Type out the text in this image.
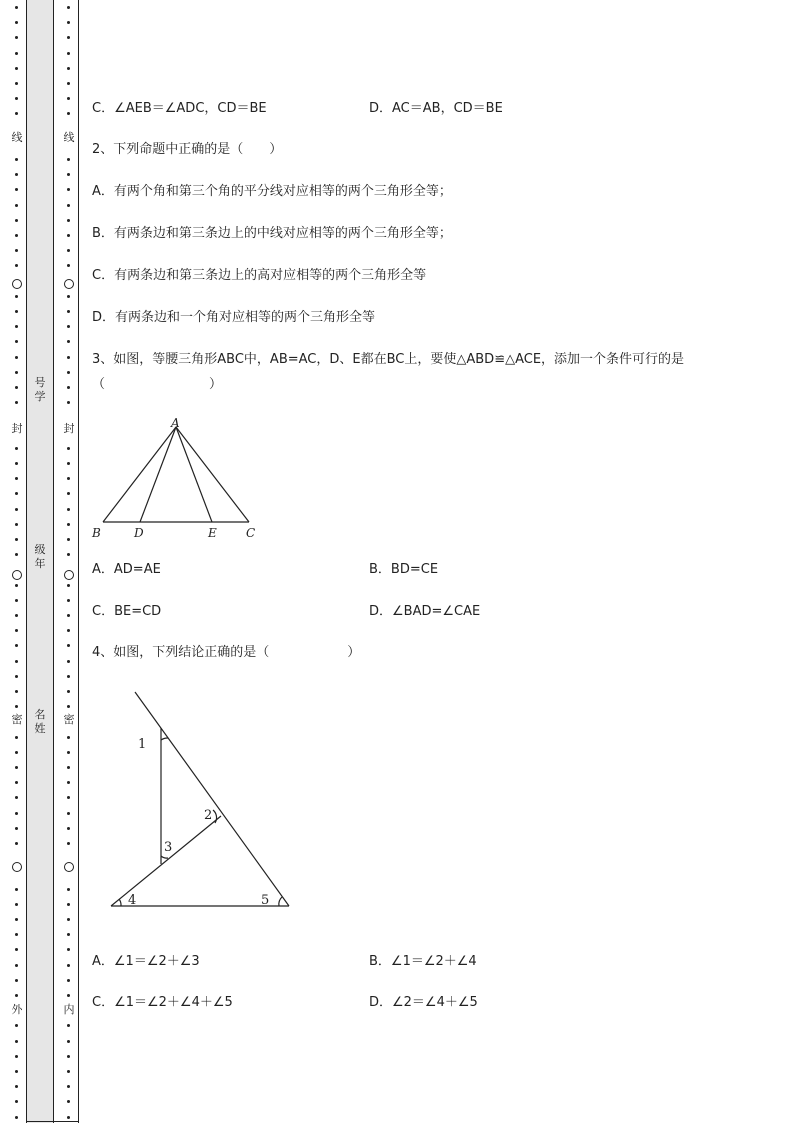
线
封
密
外
号学
级年
名姓
线
封
密
内
C．∠AEB＝∠ADC，CD＝BE	D．AC＝AB，CD＝BE
2、下列命题中正确的是（　　）
A．有两个角和第三个角的平分线对应相等的两个三角形全等；
B．有两条边和第三条边上的中线对应相等的两个三角形全等；
C．有两条边和第三条边上的高对应相等的两个三角形全等
D．有两条边和一个角对应相等的两个三角形全等
3、如图，等腰三角形ABC中，AB=AC，D、E都在BC上，要使△ABD≌△ACE，添加一个条件可行的是
（　　　　　　　　）
A
B	D	E C
A．AD=AE	B．BD=CE
C．BE=CD	D．∠BAD=∠CAE
4、如图，下列结论正确的是（　　　　　　）
1
2
3
4	5
A．∠1＝∠2＋∠3	B．∠1＝∠2＋∠4
C．∠1＝∠2＋∠4＋∠5	D．∠2＝∠4＋∠5
